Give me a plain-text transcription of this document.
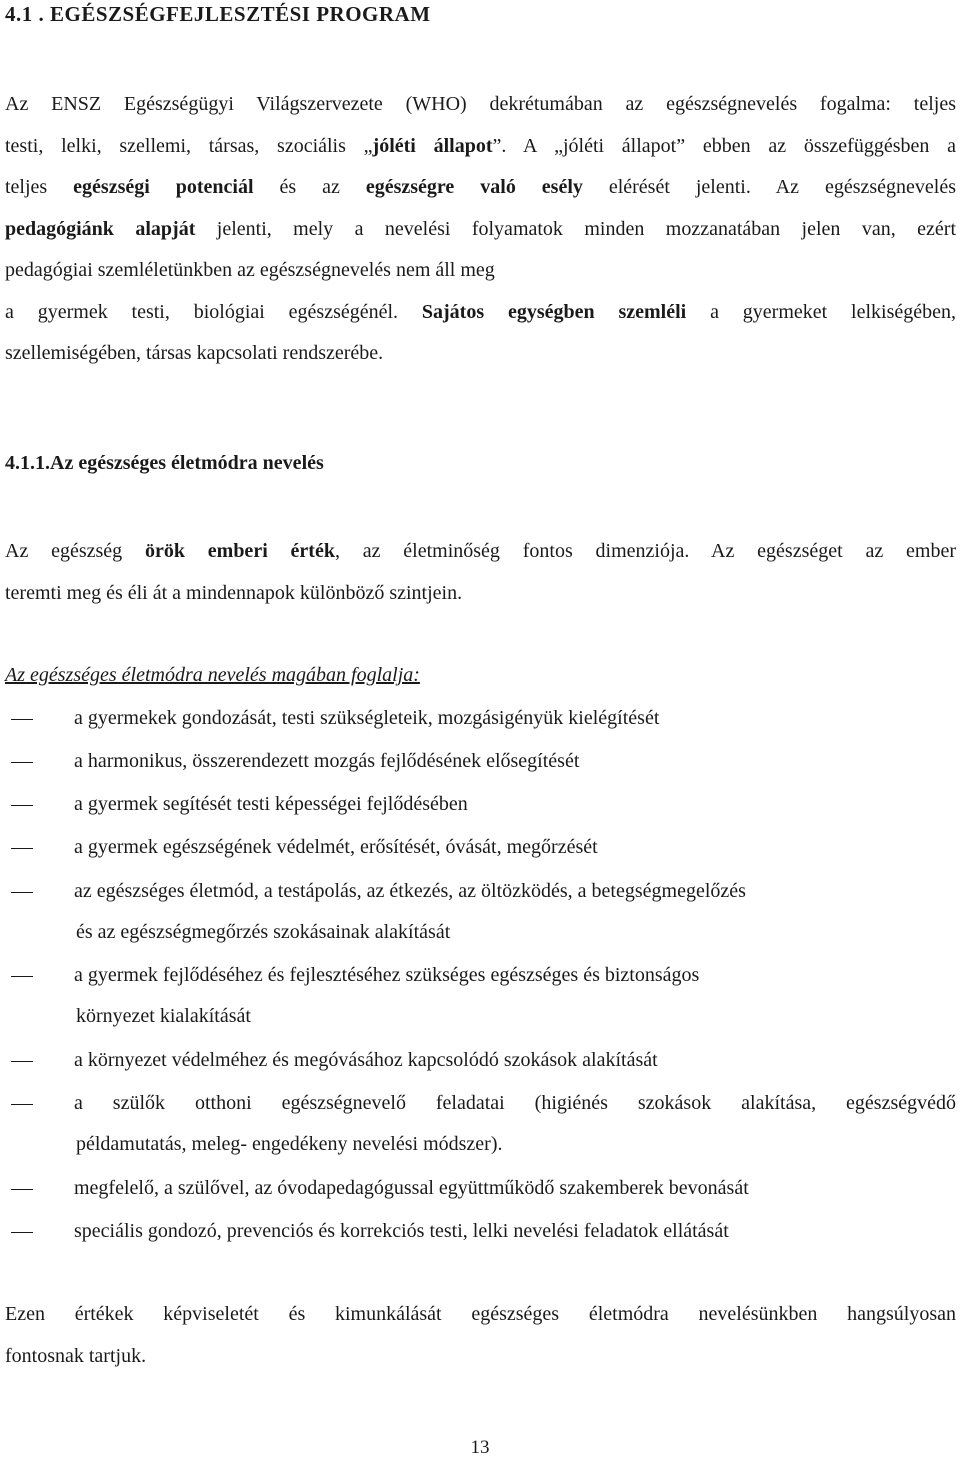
4.1 . EGÉSZSÉGFEJLESZTÉSI PROGRAM
Az ENSZ Egészségügyi Világszervezete (WHO) dekrétumában az egészségnevelés fogalma: teljes
testi, lelki, szellemi, társas, szociális „jóléti állapot”. A „jóléti állapot” ebben az összefüggésben a
teljes egészségi potenciál és az egészségre való esély elérését jelenti. Az egészségnevelés
pedagógiánk alapját jelenti, mely a nevelési folyamatok minden mozzanatában jelen van, ezért
pedagógiai szemléletünkben az egészségnevelés nem áll meg
a gyermek testi, biológiai egészségénél. Sajátos egységben szemléli a gyermeket lelkiségében,
szellemiségében, társas kapcsolati rendszerébe.
4.1.1.Az egészséges életmódra nevelés
Az egészség örök emberi érték, az életminőség fontos dimenziója. Az egészséget az ember
teremti meg és éli át a mindennapok különböző szintjein.
Az egészséges életmódra nevelés magában foglalja:
a gyermekek gondozását, testi szükségleteik, mozgásigényük kielégítését
a harmonikus, összerendezett mozgás fejlődésének elősegítését
a gyermek segítését testi képességei fejlődésében
a gyermek egészségének védelmét, erősítését, óvását, megőrzését
az egészséges életmód, a testápolás, az étkezés, az öltözködés, a betegségmegelőzés
és az egészségmegőrzés szokásainak alakítását
a gyermek fejlődéséhez és fejlesztéséhez szükséges egészséges és biztonságos
környezet kialakítását
a környezet védelméhez és megóvásához kapcsolódó szokások alakítását
a szülők otthoni egészségnevelő feladatai (higiénés szokások alakítása, egészségvédő
példamutatás, meleg- engedékeny nevelési módszer).
megfelelő, a szülővel, az óvodapedagógussal együttműködő szakemberek bevonását
speciális gondozó, prevenciós és korrekciós testi, lelki nevelési feladatok ellátását
Ezen értékek képviseletét és kimunkálását egészséges életmódra nevelésünkben hangsúlyosan
fontosnak tartjuk.
13
